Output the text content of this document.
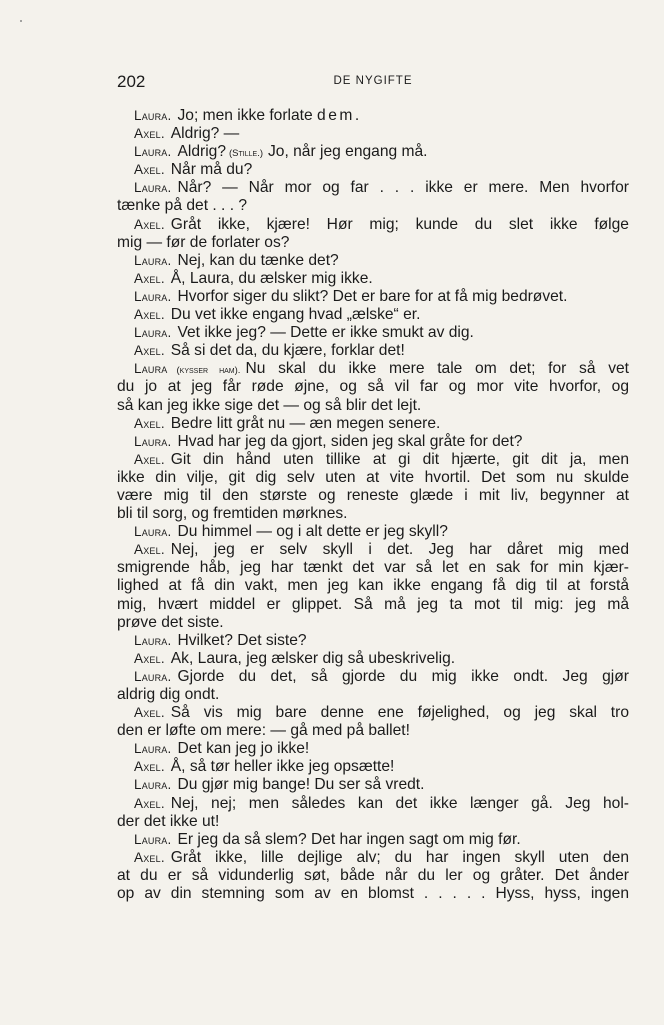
202	DE NYGIFTE
Laura. Jo; men ikke forlate dem.
Axel. Aldrig? —
Laura. Aldrig? (Stille.) Jo, når jeg engang må.
Axel. Når må du?
Laura. Når? — Når mor og far . . . ikke er mere. Men hvorfor
tænke på det . . . ?
Axel. Gråt ikke, kjære! Hør mig; kunde du slet ikke følge
mig — før de forlater os?
Laura. Nej, kan du tænke det?
Axel. Å, Laura, du ælsker mig ikke.
Laura. Hvorfor siger du slikt? Det er bare for at få mig bedrøvet.
Axel. Du vet ikke engang hvad „ælske“ er.
Laura. Vet ikke jeg? — Dette er ikke smukt av dig.
Axel. Så si det da, du kjære, forklar det!
Laura (kysser ham). Nu skal du ikke mere tale om det; for så vet
du jo at jeg får røde øjne, og så vil far og mor vite hvorfor, og
så kan jeg ikke sige det — og så blir det lejt.
Axel. Bedre litt gråt nu — æn megen senere.
Laura. Hvad har jeg da gjort, siden jeg skal gråte for det?
Axel. Git din hånd uten tillike at gi dit hjærte, git dit ja, men
ikke din vilje, git dig selv uten at vite hvortil. Det som nu skulde
være mig til den største og reneste glæde i mit liv, begynner at
bli til sorg, og fremtiden mørknes.
Laura. Du himmel — og i alt dette er jeg skyll?
Axel. Nej, jeg er selv skyll i det. Jeg har dåret mig med
smigrende håb, jeg har tænkt det var så let en sak for min kjær-
lighed at få din vakt, men jeg kan ikke engang få dig til at forstå
mig, hvært middel er glippet. Så må jeg ta mot til mig: jeg må
prøve det siste.
Laura. Hvilket? Det siste?
Axel. Ak, Laura, jeg ælsker dig så ubeskrivelig.
Laura. Gjorde du det, så gjorde du mig ikke ondt. Jeg gjør
aldrig dig ondt.
Axel. Så vis mig bare denne ene føjelighed, og jeg skal tro
den er løfte om mere: — gå med på ballet!
Laura. Det kan jeg jo ikke!
Axel. Å, så tør heller ikke jeg opsætte!
Laura. Du gjør mig bange! Du ser så vredt.
Axel. Nej, nej; men således kan det ikke længer gå. Jeg hol-
der det ikke ut!
Laura. Er jeg da så slem? Det har ingen sagt om mig før.
Axel. Gråt ikke, lille dejlige alv; du har ingen skyll uten den
at du er så vidunderlig søt, både når du ler og gråter. Det ånder
op av din stemning som av en blomst . . . . . Hyss, hyss, ingen
